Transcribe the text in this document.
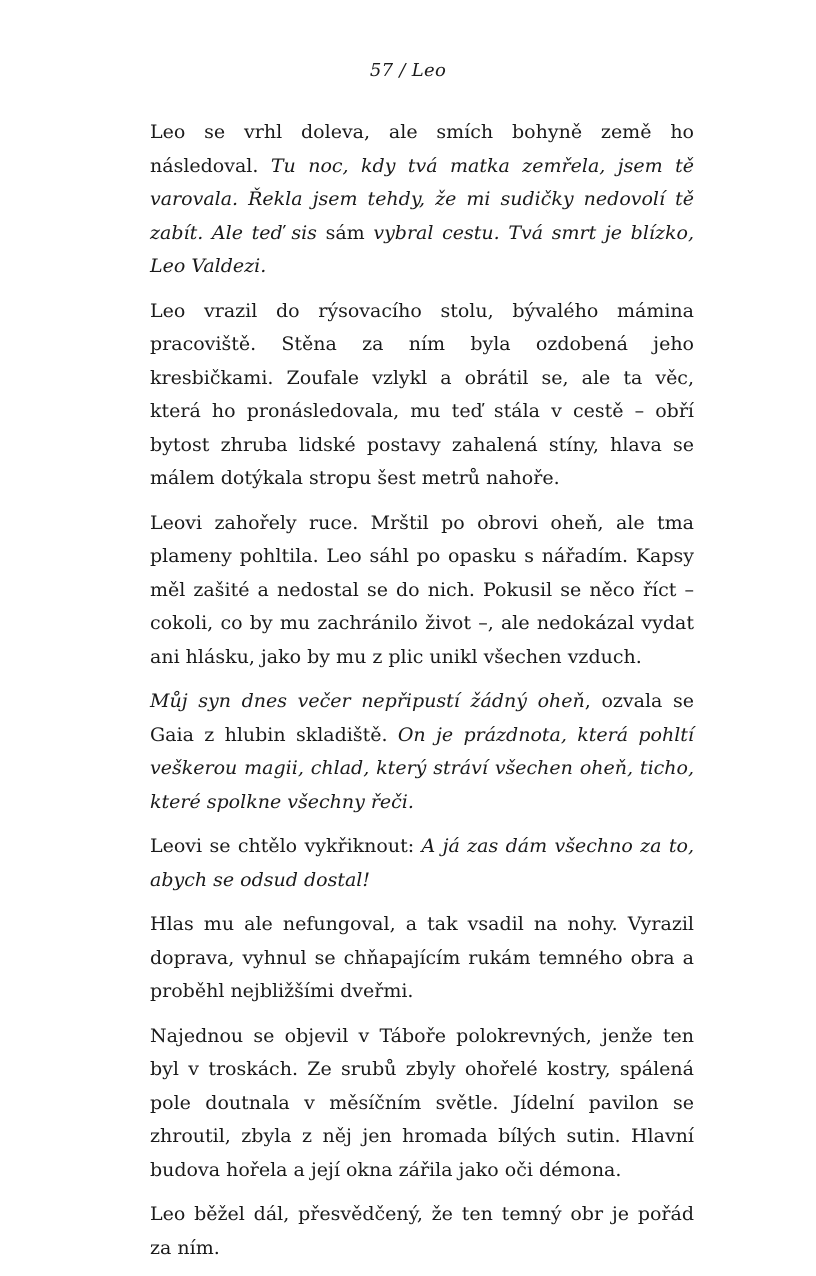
57 / Leo

Leo se vrhl doleva, ale smích bohyně země ho následoval. Tu noc, kdy tvá matka zemřela, jsem tě varovala. Řekla jsem tehdy, že mi sudičky nedovolí tě zabít. Ale teď sis sám vybral cestu. Tvá smrt je blízko, Leo Valdezi.

Leo vrazil do rýsovacího stolu, bývalého mámina pracoviště. Stěna za ním byla ozdobená jeho kresbičkami. Zoufale vzlykl a obrátil se, ale ta věc, která ho pronásledovala, mu teď stála v cestě – obří bytost zhruba lidské postavy zahalená stíny, hlava se málem dotýkala stropu šest metrů nahoře.

Leovi zahořely ruce. Mrštil po obrovi oheň, ale tma plameny pohltila. Leo sáhl po opasku s nářadím. Kapsy měl zašité a nedostal se do nich. Pokusil se něco říct – cokoli, co by mu zachránilo život –, ale nedokázal vydat ani hlásku, jako by mu z plic unikl všechen vzduch.

Můj syn dnes večer nepřipustí žádný oheň, ozvala se Gaia z hlubin skladiště. On je prázdnota, která pohltí veškerou magii, chlad, který stráví všechen oheň, ticho, které spolkne všechny řeči.

Leovi se chtělo vykřiknout: A já zas dám všechno za to, abych se odsud dostal!

Hlas mu ale nefungoval, a tak vsadil na nohy. Vyrazil doprava, vyhnul se chňapajícím rukám temného obra a proběhl nejbližšími dveřmi.

Najednou se objevil v Táboře polokrevných, jenže ten byl v troskách. Ze srubů zbyly ohořelé kostry, spálená pole doutnala v měsíčním světle. Jídelní pavilon se zhroutil, zbyla z něj jen hromada bílých sutin. Hlavní budova hořela a její okna zářila jako oči démona.

Leo běžel dál, přesvědčený, že ten temný obr je pořád za ním.
